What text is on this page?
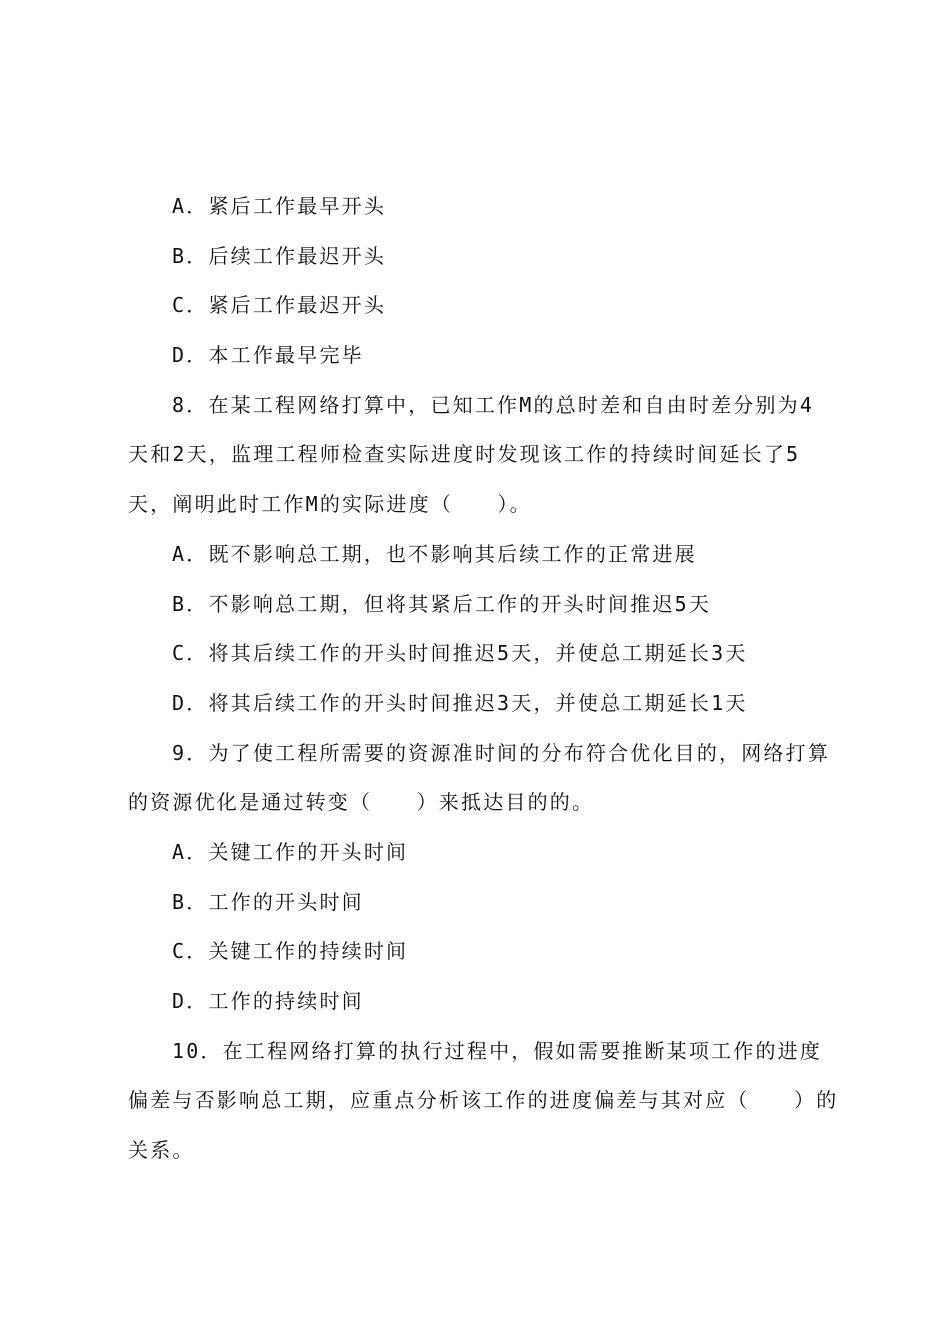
A．紧后工作最早开头
B．后续工作最迟开头
C．紧后工作最迟开头
D．本工作最早完毕
8．在某工程网络打算中，已知工作M的总时差和自由时差分别为4
天和2天，监理工程师检查实际进度时发现该工作的持续时间延长了5
天，阐明此时工作M的实际进度（　　）。
A．既不影响总工期，也不影响其后续工作的正常进展
B．不影响总工期，但将其紧后工作的开头时间推迟5天
C．将其后续工作的开头时间推迟5天，并使总工期延长3天
D．将其后续工作的开头时间推迟3天，并使总工期延长1天
9．为了使工程所需要的资源准时间的分布符合优化目的，网络打算
的资源优化是通过转变（　　）来抵达目的的。
A．关键工作的开头时间
B．工作的开头时间
C．关键工作的持续时间
D．工作的持续时间
10．在工程网络打算的执行过程中，假如需要推断某项工作的进度
偏差与否影响总工期，应重点分析该工作的进度偏差与其对应（　　）的
关系。
